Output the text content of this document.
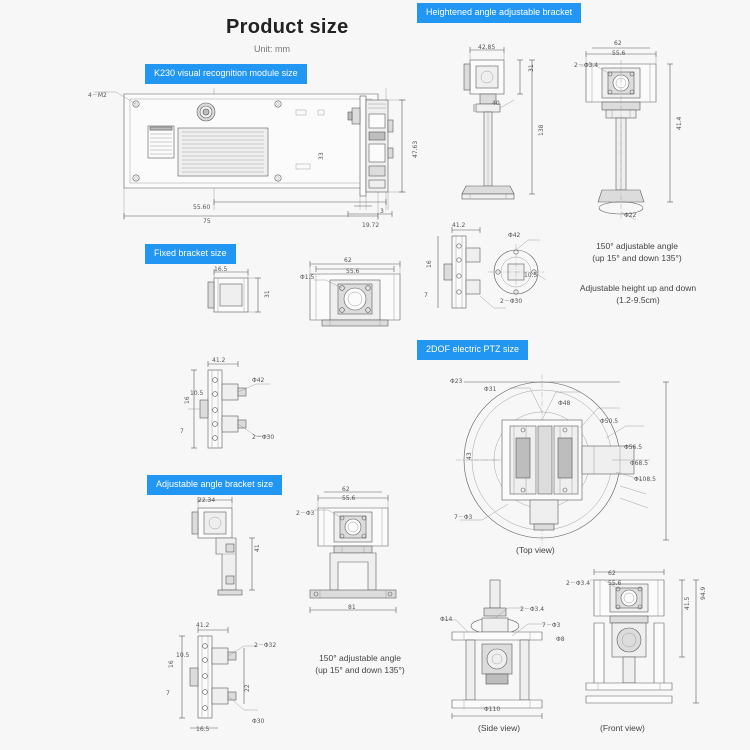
Product size
Unit: mm
K230 visual recognition module size
Fixed bracket size
Adjustable angle bracket size
Heightened angle adjustable bracket
2DOF electric PTZ size
4－M2
55.60
75
33	47.63
3
19.72
16.5
31
62
55.6
Φ1.5
41.2
Φ42
16
10.5
7
2－Φ30
41.2
Φ42
16
10.5
7
2－Φ30
42.85
31
40
138
62
55.6
2－Φ3.4
41.4
Φ22
150° adjustable angle
(up 15° and down 135°)
Adjustable height up and down
(1.2-9.5cm)
22.34
41
62
55.6
2－Φ3
81
41.2
2－Φ32
16
22
10.5
7
16.5
Φ30
150° adjustable angle
(up 15° and down 135°)
Φ23
Φ31
43
Φ48
Φ50.5
Φ56.5
Φ68.5
Φ108.5
7－Φ3
(Top view)
Φ14
2－Φ3.4
7－Φ3
Φ110
(Side view)
62
55.6
2－Φ3.4
41.5
94.9
Φ8
(Front view)
